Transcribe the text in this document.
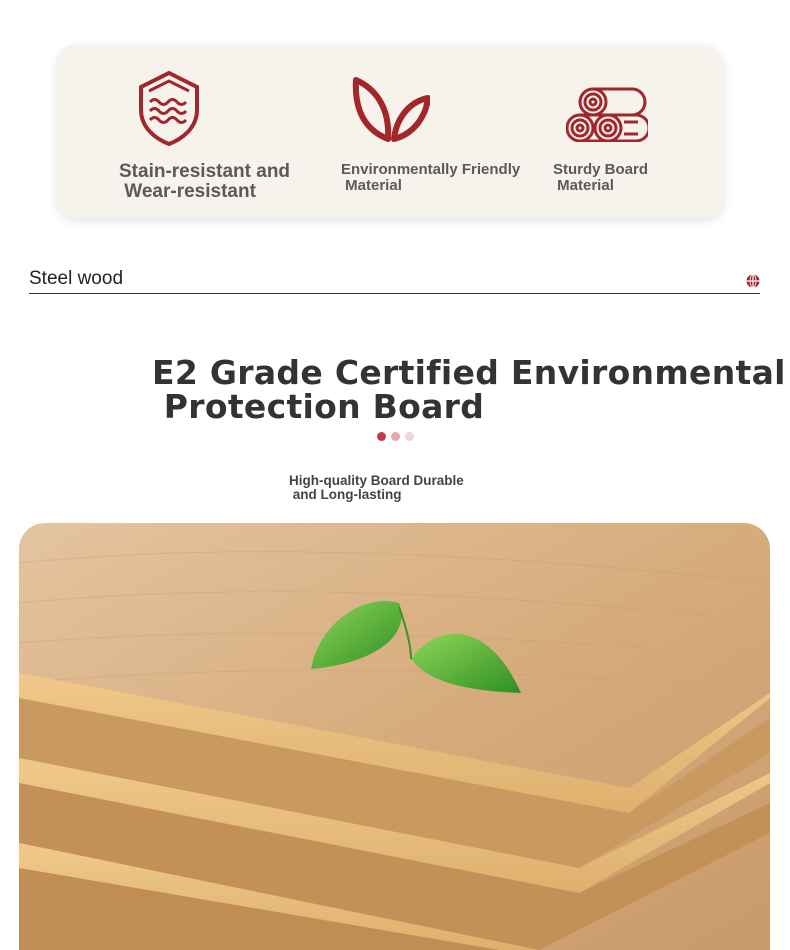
Stain-resistant and
Wear-resistant
Environmentally Friendly
Material
Sturdy Board
Material
Steel wood
E2 Grade Certified Environmental
Protection Board
High-quality Board Durable
and Long-lasting
